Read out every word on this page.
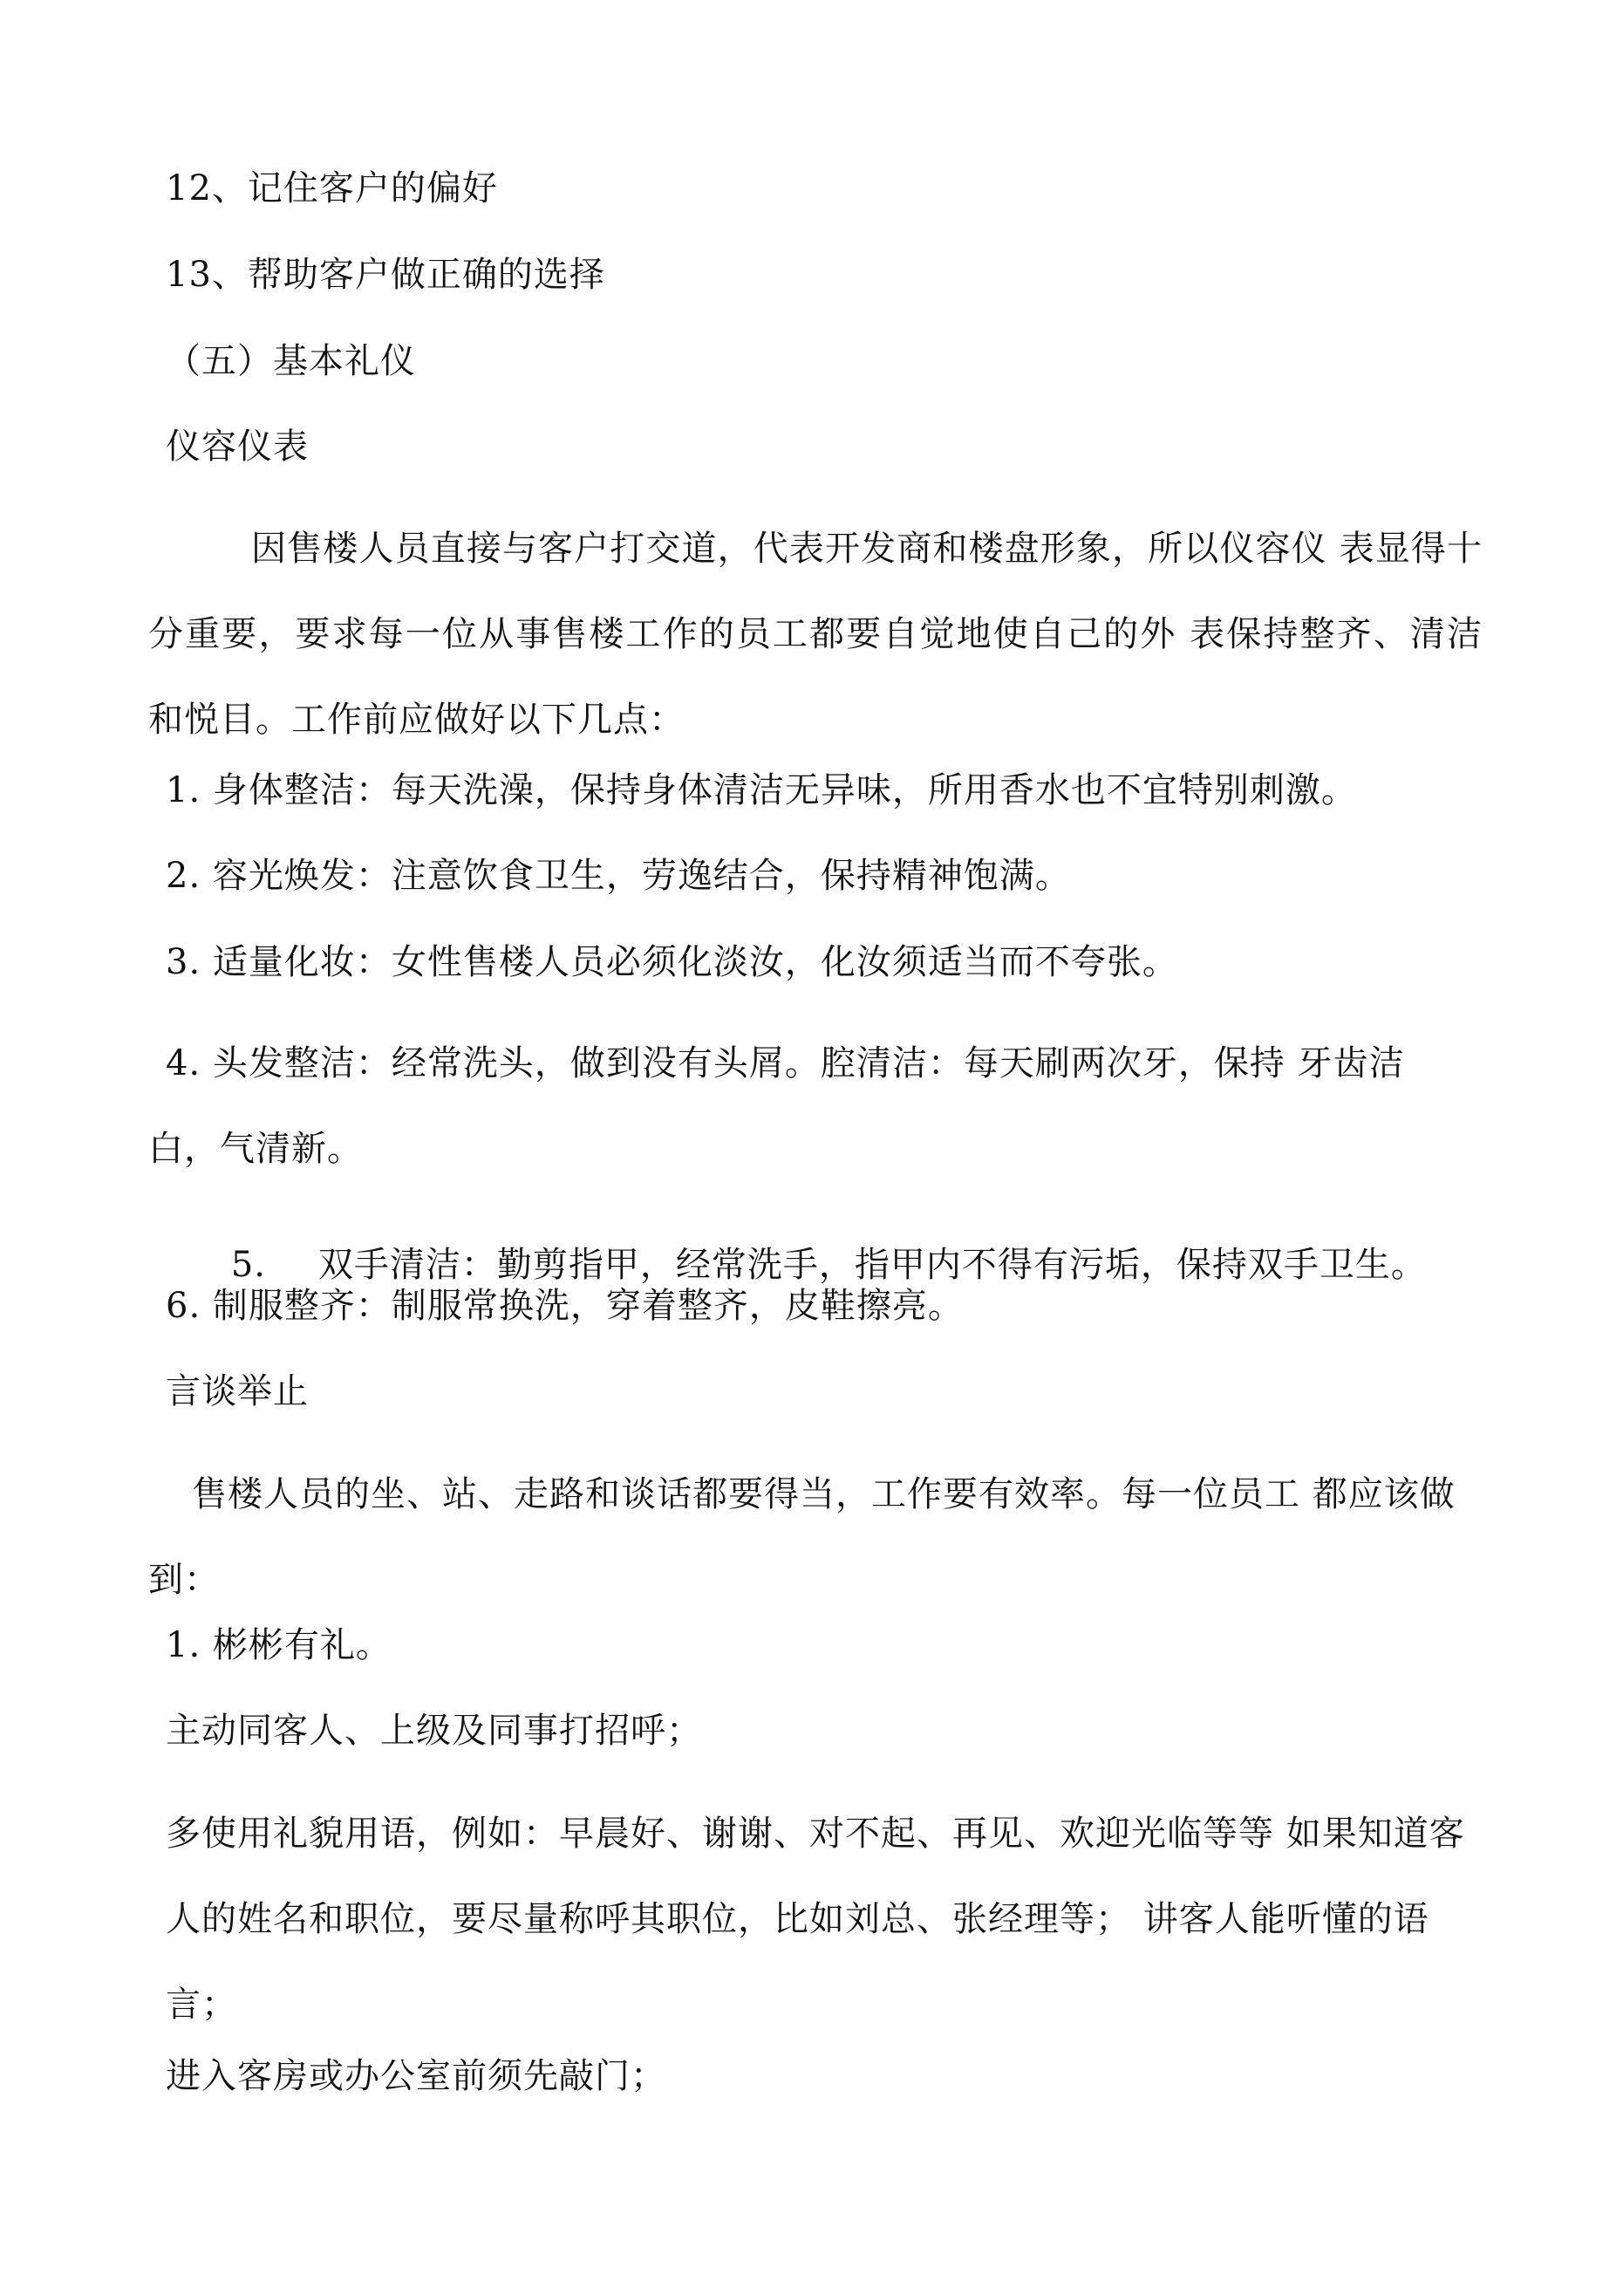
12、记住客户的偏好
13、帮助客户做正确的选择
（五）基本礼仪
仪容仪表
因售楼人员直接与客户打交道，代表开发商和楼盘形象，所以仪容仪 表显得十分重要，要求每一位从事售楼工作的员工都要自觉地使自己的外 表保持整齐、清洁和悦目。工作前应做好以下几点：
1. 身体整洁：每天洗澡，保持身体清洁无异味，所用香水也不宜特别刺激。
2. 容光焕发：注意饮食卫生，劳逸结合，保持精神饱满。
3. 适量化妆：女性售楼人员必须化淡汝，化汝须适当而不夸张。
4. 头发整洁：经常洗头，做到没有头屑。腔清洁：每天刷两次牙，保持 牙齿洁
白，气清新。

5. 双手清洁：勤剪指甲，经常洗手，指甲内不得有污垢，保持双手卫生。

6. 制服整齐：制服常换洗，穿着整齐，皮鞋擦亮。
言谈举止
售楼人员的坐、站、走路和谈话都要得当，工作要有效率。每一位员工 都应该做到：
1. 彬彬有礼。
主动同客人、上级及同事打招呼；
多使用礼貌用语，例如：早晨好、谢谢、对不起、再见、欢迎光临等等 如果知道客人的姓名和职位，要尽量称呼其职位，比如刘总、张经理等； 讲客人能听懂的语言；
进入客房或办公室前须先敲门；
